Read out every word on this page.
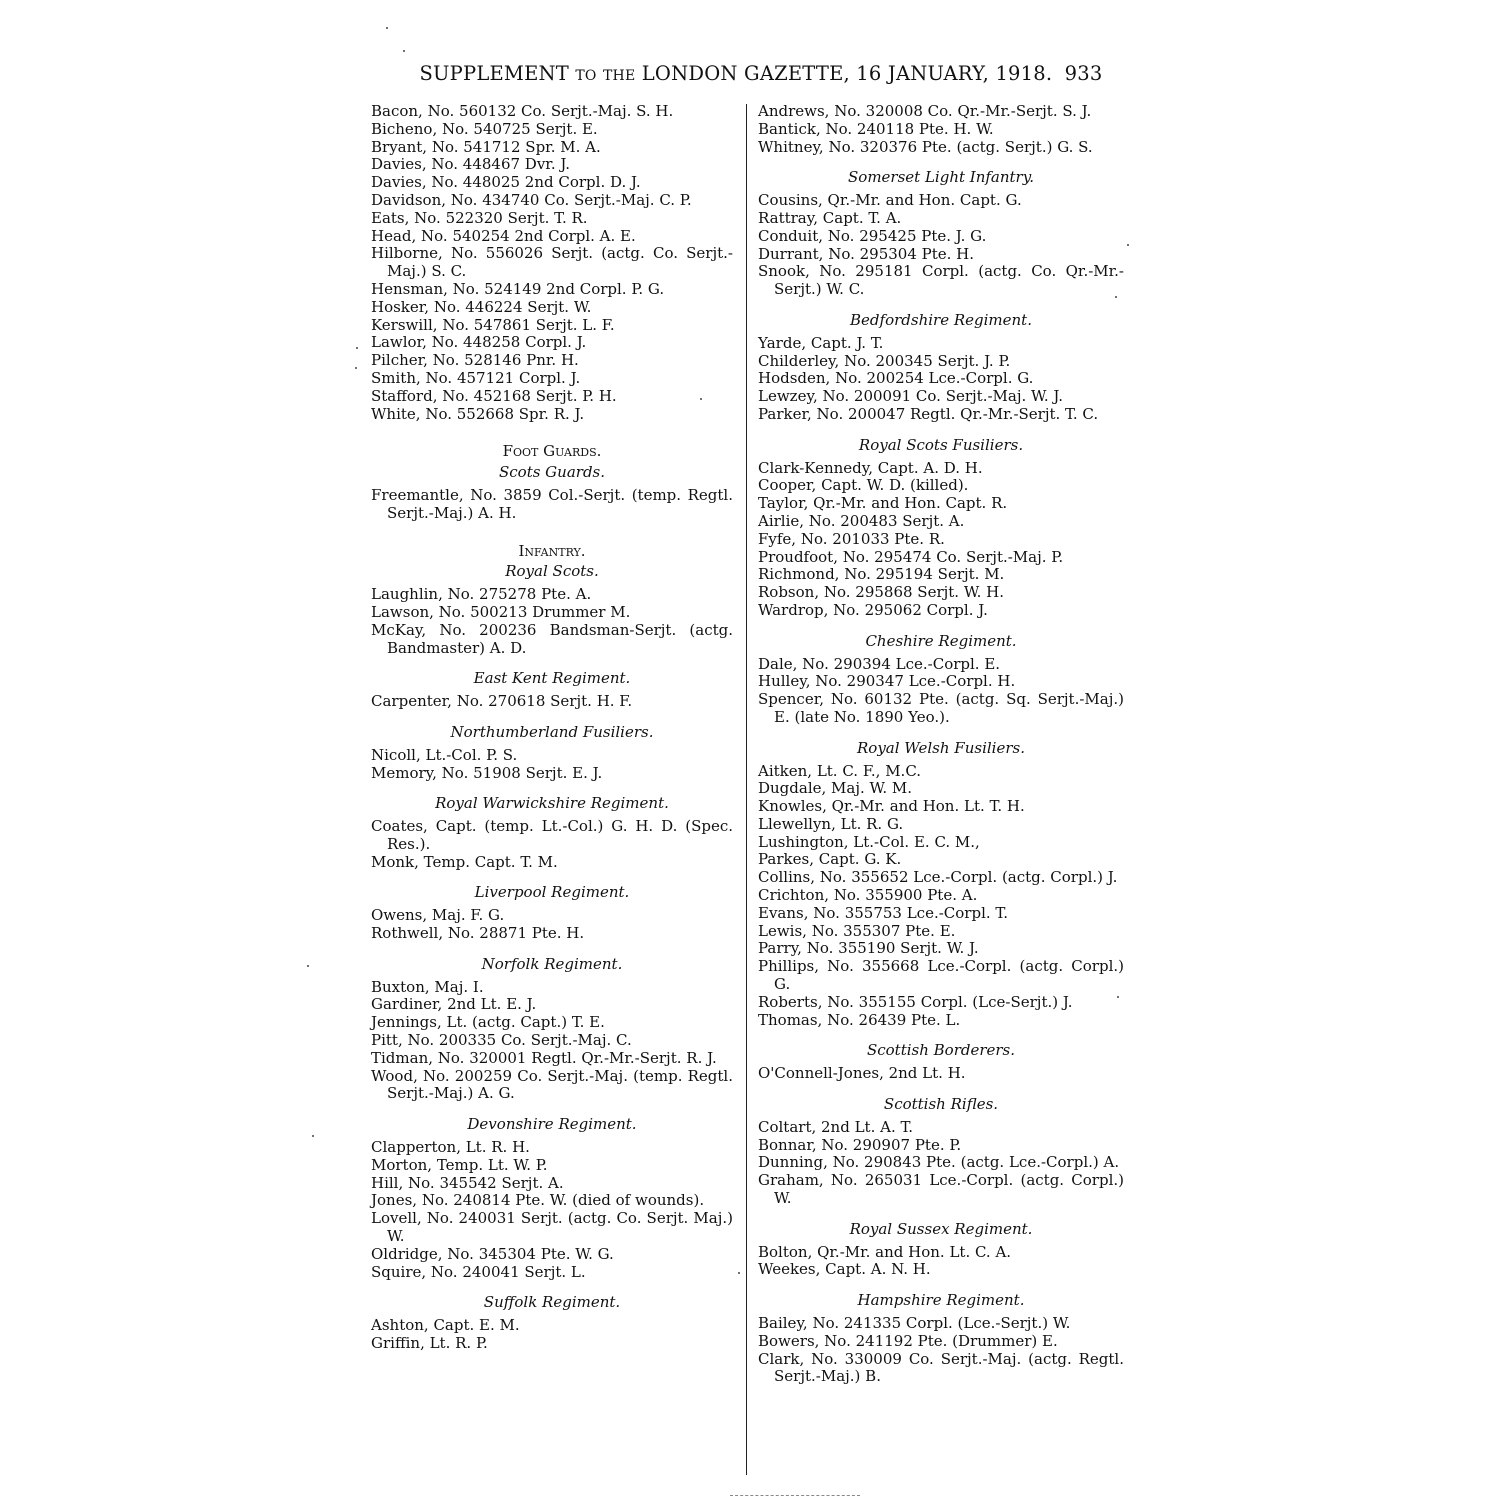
SUPPLEMENT to the LONDON GAZETTE, 16 JANUARY, 1918. 933
Bacon, No. 560132 Co. Serjt.-Maj. S. H.
Bicheno, No. 540725 Serjt. E.
Bryant, No. 541712 Spr. M. A.
Davies, No. 448467 Dvr. J.
Davies, No. 448025 2nd Corpl. D. J.
Davidson, No. 434740 Co. Serjt.-Maj. C. P.
Eats, No. 522320 Serjt. T. R.
Head, No. 540254 2nd Corpl. A. E.
Hilborne, No. 556026 Serjt. (actg. Co. Serjt.-Maj.) S. C.
Hensman, No. 524149 2nd Corpl. P. G.
Hosker, No. 446224 Serjt. W.
Kerswill, No. 547861 Serjt. L. F.
Lawlor, No. 448258 Corpl. J.
Pilcher, No. 528146 Pnr. H.
Smith, No. 457121 Corpl. J.
Stafford, No. 452168 Serjt. P. H.
White, No. 552668 Spr. R. J.
Foot Guards.
Scots Guards.
Freemantle, No. 3859 Col.-Serjt. (temp. Regtl. Serjt.-Maj.) A. H.
Infantry.
Royal Scots.
Laughlin, No. 275278 Pte. A.
Lawson, No. 500213 Drummer M.
McKay, No. 200236 Bandsman-Serjt. (actg. Bandmaster) A. D.
East Kent Regiment.
Carpenter, No. 270618 Serjt. H. F.
Northumberland Fusiliers.
Nicoll, Lt.-Col. P. S.
Memory, No. 51908 Serjt. E. J.
Royal Warwickshire Regiment.
Coates, Capt. (temp. Lt.-Col.) G. H. D. (Spec. Res.).
Monk, Temp. Capt. T. M.
Liverpool Regiment.
Owens, Maj. F. G.
Rothwell, No. 28871 Pte. H.
Norfolk Regiment.
Buxton, Maj. I.
Gardiner, 2nd Lt. E. J.
Jennings, Lt. (actg. Capt.) T. E.
Pitt, No. 200335 Co. Serjt.-Maj. C.
Tidman, No. 320001 Regtl. Qr.-Mr.-Serjt. R. J.
Wood, No. 200259 Co. Serjt.-Maj. (temp. Regtl. Serjt.-Maj.) A. G.
Devonshire Regiment.
Clapperton, Lt. R. H.
Morton, Temp. Lt. W. P.
Hill, No. 345542 Serjt. A.
Jones, No. 240814 Pte. W. (died of wounds).
Lovell, No. 240031 Serjt. (actg. Co. Serjt. Maj.) W.
Oldridge, No. 345304 Pte. W. G.
Squire, No. 240041 Serjt. L.
Suffolk Regiment.
Ashton, Capt. E. M.
Griffin, Lt. R. P.
Andrews, No. 320008 Co. Qr.-Mr.-Serjt. S. J.
Bantick, No. 240118 Pte. H. W.
Whitney, No. 320376 Pte. (actg. Serjt.) G. S.
Somerset Light Infantry.
Cousins, Qr.-Mr. and Hon. Capt. G.
Rattray, Capt. T. A.
Conduit, No. 295425 Pte. J. G.
Durrant, No. 295304 Pte. H.
Snook, No. 295181 Corpl. (actg. Co. Qr.-Mr.-Serjt.) W. C.
Bedfordshire Regiment.
Yarde, Capt. J. T.
Childerley, No. 200345 Serjt. J. P.
Hodsden, No. 200254 Lce.-Corpl. G.
Lewzey, No. 200091 Co. Serjt.-Maj. W. J.
Parker, No. 200047 Regtl. Qr.-Mr.-Serjt. T. C.
Royal Scots Fusiliers.
Clark-Kennedy, Capt. A. D. H.
Cooper, Capt. W. D. (killed).
Taylor, Qr.-Mr. and Hon. Capt. R.
Airlie, No. 200483 Serjt. A.
Fyfe, No. 201033 Pte. R.
Proudfoot, No. 295474 Co. Serjt.-Maj. P.
Richmond, No. 295194 Serjt. M.
Robson, No. 295868 Serjt. W. H.
Wardrop, No. 295062 Corpl. J.
Cheshire Regiment.
Dale, No. 290394 Lce.-Corpl. E.
Hulley, No. 290347 Lce.-Corpl. H.
Spencer, No. 60132 Pte. (actg. Sq. Serjt.-Maj.) E. (late No. 1890 Yeo.).
Royal Welsh Fusiliers.
Aitken, Lt. C. F., M.C.
Dugdale, Maj. W. M.
Knowles, Qr.-Mr. and Hon. Lt. T. H.
Llewellyn, Lt. R. G.
Lushington, Lt.-Col. E. C. M.,
Parkes, Capt. G. K.
Collins, No. 355652 Lce.-Corpl. (actg. Corpl.) J.
Crichton, No. 355900 Pte. A.
Evans, No. 355753 Lce.-Corpl. T.
Lewis, No. 355307 Pte. E.
Parry, No. 355190 Serjt. W. J.
Phillips, No. 355668 Lce.-Corpl. (actg. Corpl.) G.
Roberts, No. 355155 Corpl. (Lce-Serjt.) J.
Thomas, No. 26439 Pte. L.
Scottish Borderers.
O'Connell-Jones, 2nd Lt. H.
Scottish Rifles.
Coltart, 2nd Lt. A. T.
Bonnar, No. 290907 Pte. P.
Dunning, No. 290843 Pte. (actg. Lce.-Corpl.) A.
Graham, No. 265031 Lce.-Corpl. (actg. Corpl.) W.
Royal Sussex Regiment.
Bolton, Qr.-Mr. and Hon. Lt. C. A.
Weekes, Capt. A. N. H.
Hampshire Regiment.
Bailey, No. 241335 Corpl. (Lce.-Serjt.) W.
Bowers, No. 241192 Pte. (Drummer) E.
Clark, No. 330009 Co. Serjt.-Maj. (actg. Regtl. Serjt.-Maj.) B.
